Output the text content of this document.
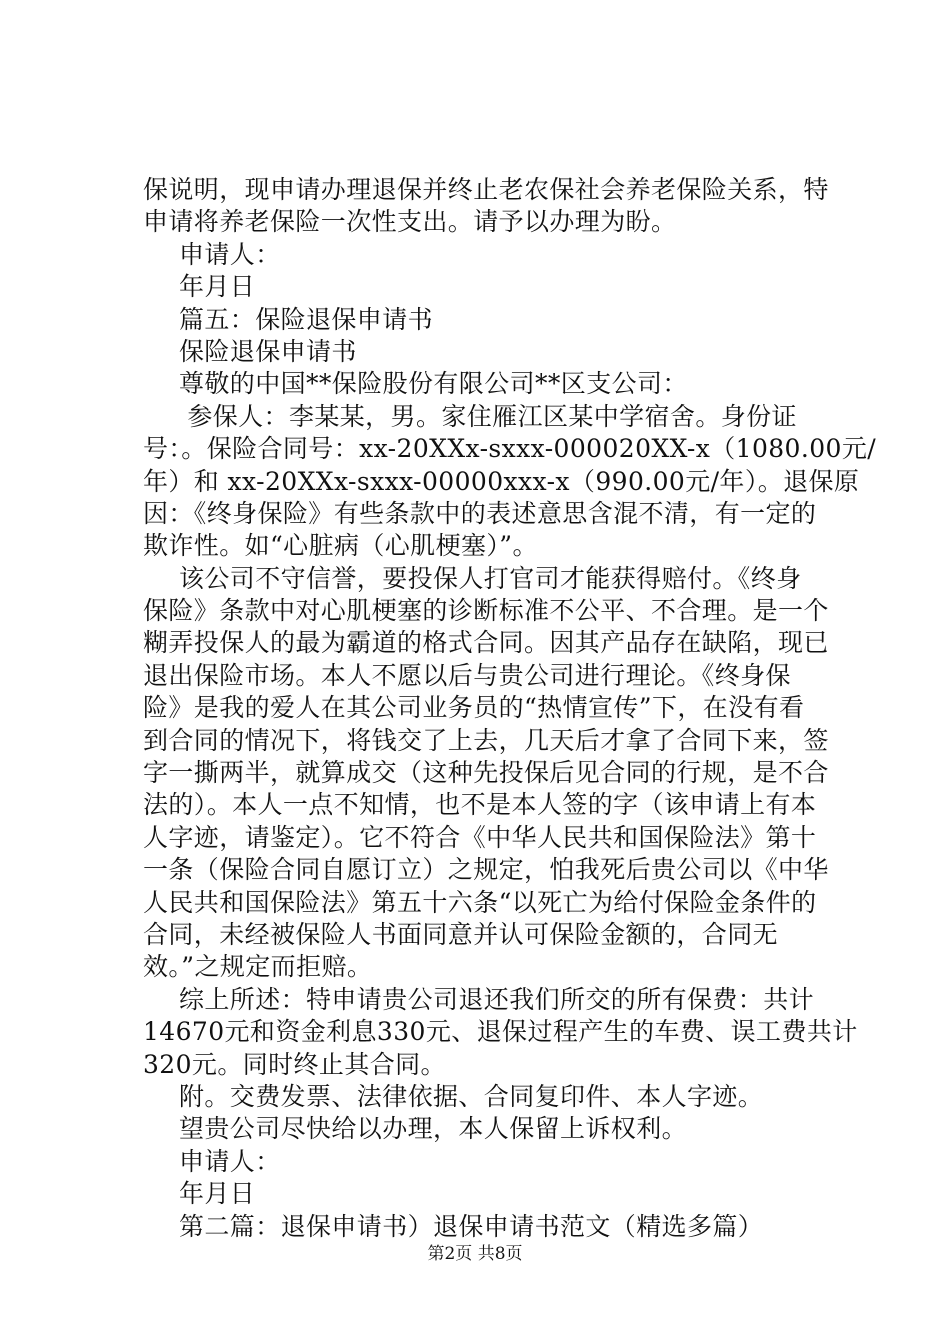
保说明，现申请办理退保并终止老农保社会养老保险关系，特
申请将养老保险一次性支出。请予以办理为盼。
申请人：
年月日
篇五：保险退保申请书
保险退保申请书
尊敬的中国**保险股份有限公司**区支公司：
参保人：李某某，男。家住雁江区某中学宿舍。身份证
号：。保险合同号：xx-20XXx-sxxx-000020XX-x（1080.00元/
年）和 xx-20XXx-sxxx-00000xxx-x（990.00元/年）。退保原
因：《终身保险》有些条款中的表述意思含混不清，有一定的
欺诈性。如“心脏病（心肌梗塞）”。
该公司不守信誉，要投保人打官司才能获得赔付。《终身
保险》条款中对心肌梗塞的诊断标准不公平、不合理。是一个
糊弄投保人的最为霸道的格式合同。因其产品存在缺陷，现已
退出保险市场。本人不愿以后与贵公司进行理论。《终身保
险》是我的爱人在其公司业务员的“热情宣传”下，在没有看
到合同的情况下，将钱交了上去，几天后才拿了合同下来，签
字一撕两半，就算成交（这种先投保后见合同的行规，是不合
法的）。本人一点不知情，也不是本人签的字（该申请上有本
人字迹，请鉴定）。它不符合《中华人民共和国保险法》第十
一条（保险合同自愿订立）之规定，怕我死后贵公司以《中华
人民共和国保险法》第五十六条“以死亡为给付保险金条件的
合同，未经被保险人书面同意并认可保险金额的，合同无
效。”之规定而拒赔。
综上所述：特申请贵公司退还我们所交的所有保费：共计
14670元和资金利息330元、退保过程产生的车费、误工费共计
320元。同时终止其合同。
附。交费发票、法律依据、合同复印件、本人字迹。
望贵公司尽快给以办理，本人保留上诉权利。
申请人：
年月日
第二篇：退保申请书）退保申请书范文（精选多篇）
第2页 共8页
